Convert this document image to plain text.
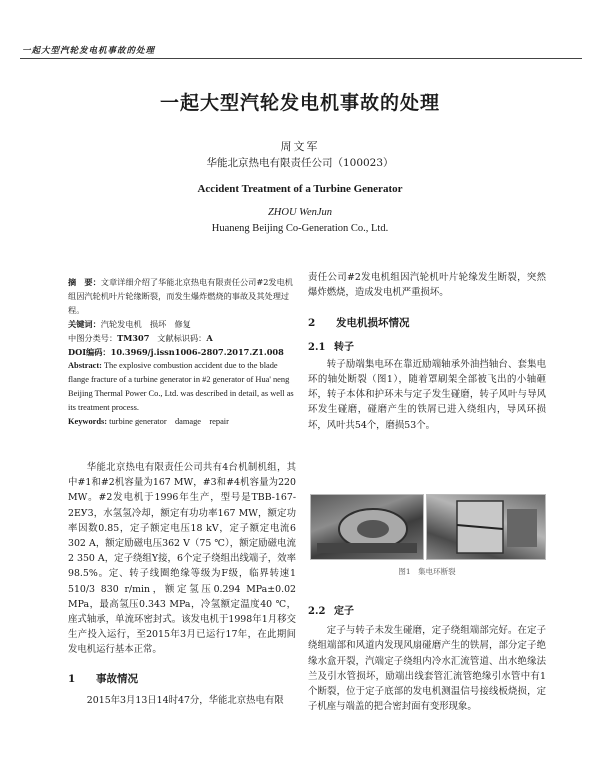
一起大型汽轮发电机事故的处理
一起大型汽轮发电机事故的处理
周文军
华能北京热电有限责任公司（100023）
Accident Treatment of a Turbine Generator
ZHOU WenJun
Huaneng Beijing Co-Generation Co., Ltd.

摘　要：文章详细介绍了华能北京热电有限责任公司#2发电机组因汽轮机叶片轮缘断裂，而发生爆炸燃烧的事故及其处理过程。

关键词：汽轮发电机　损坏　修复

中图分类号：TM307 文献标识码：A

DOI编码：10.3969/j.issn1006-2807.2017.Z1.008

Abstract: The explosive combustion accident due to the blade flange fracture of a turbine generator in #2 generator of Hua' neng Beijing Thermal Power Co., Ltd. was described in detail, as well as its treatment process.

Keywords: turbine generator　damage　repair

华能北京热电有限责任公司共有4台机制机组，其中#1和#2机容量为167 MW，#3和#4机容量为220 MW。#2发电机于1996年生产，型号是TBB-167-2EУ3，水氢氢冷却，额定有功功率167 MW，额定功率因数0.85，定子额定电压18 kV，定子额定电流6 302 A，额定励磁电压362 V（75 ℃），额定励磁电流2 350 A，定子绕组Y接，6个定子绕组出线端子，效率98.5%。定、转子线圈绝缘等级为F级，临界转速1 510/3 830 r/min，额定氢压0.294 MPa±0.02 MPa，最高氢压0.343 MPa，冷氢额定温度40 ℃，座式轴承，单流环密封式。该发电机于1998年1月移交生产投入运行，至2015年3月已运行17年，在此期间发电机运行基本正常。

1 事故情况

2015年3月13日14时47分，华能北京热电有限

责任公司#2发电机组因汽轮机叶片轮缘发生断裂，突然爆炸燃烧，造成发电机严重损坏。

2 发电机损坏情况
2.1 转子

转子励端集电环在靠近励端轴承外油挡轴台、套集电环的轴处断裂（图1），随着罩刷架全部被飞出的小轴砸坏，转子本体和护环未与定子发生碰磨，转子风叶与导风环发生碰磨，碰磨产生的铁屑已进入绕组内，导风环损坏，风叶共54个，磨损53个。

图1　集电环断裂
2.2 定子

定子与转子未发生碰磨，定子绕组端部完好。在定子绕组端部和风道内发现风扇碰磨产生的铁屑，部分定子绝缘水盒开裂，汽端定子绕组内冷水汇流管道、出水绝缘法兰及引水管损坏，励端出线套管汇流管绝缘引水管中有1个断裂，位于定子底部的发电机测温信号接线板烧损，定子机座与端盖的把合密封面有变形现象。
